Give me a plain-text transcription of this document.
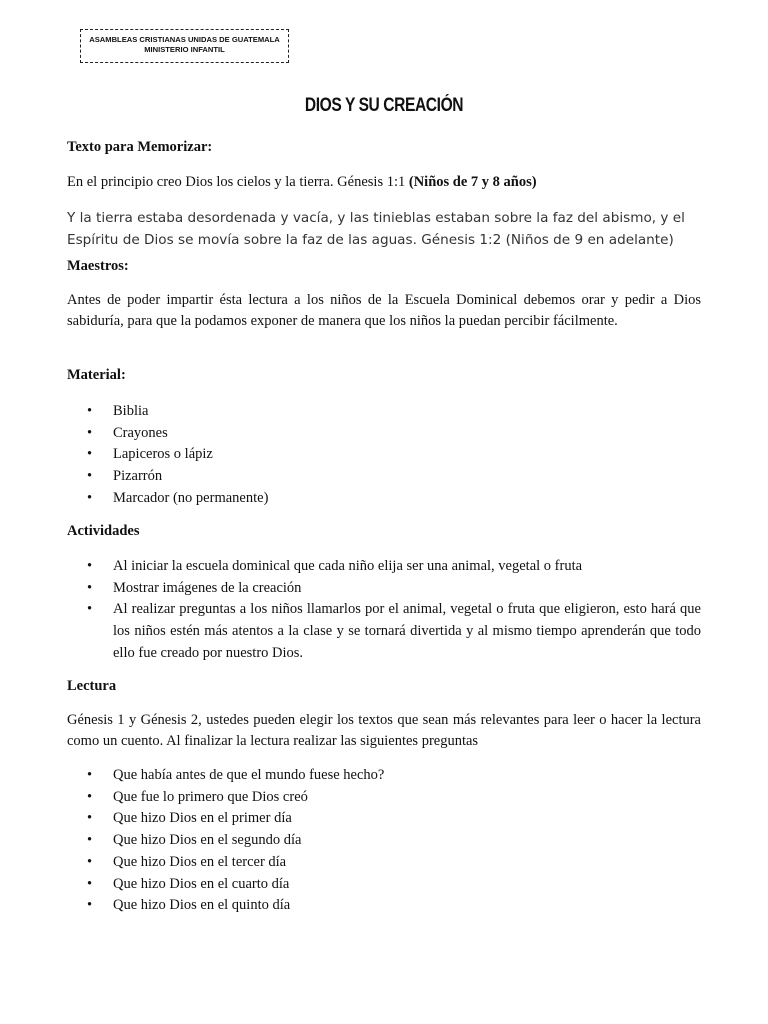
ASAMBLEAS CRISTIANAS UNIDAS DE GUATEMALA
MINISTERIO INFANTIL
DIOS Y SU CREACIÓN
Texto para Memorizar:
En el principio creo Dios los cielos y la tierra. Génesis 1:1 (Niños de 7 y 8 años)
Y la tierra estaba desordenada y vacía, y las tinieblas estaban sobre la faz del abismo, y el Espíritu de Dios se movía sobre la faz de las aguas. Génesis 1:2 (Niños de 9 en adelante)
Maestros:
Antes de poder impartir ésta lectura a los niños de la Escuela Dominical debemos orar y pedir a Dios sabiduría, para que la podamos exponer de manera que los niños la puedan percibir fácilmente.
Material:
• Biblia
• Crayones
• Lapiceros o lápiz
• Pizarrón
• Marcador (no permanente)
Actividades
• Al iniciar la escuela dominical que cada niño elija ser una animal, vegetal o fruta
• Mostrar imágenes de la creación
• Al realizar preguntas a los niños llamarlos por el animal, vegetal o fruta que eligieron, esto hará que los niños estén más atentos a la clase y se tornará divertida y al mismo tiempo aprenderán que todo ello fue creado por nuestro Dios.
Lectura
Génesis 1 y Génesis 2, ustedes pueden elegir los textos que sean más relevantes para leer o hacer la lectura como un cuento. Al finalizar la lectura realizar las siguientes preguntas
• Que había antes de que el mundo fuese hecho?
• Que fue lo primero que Dios creó
• Que hizo Dios en el primer día
• Que hizo Dios en el segundo día
• Que hizo Dios en el tercer día
• Que hizo Dios en el cuarto día
• Que hizo Dios en el quinto día
